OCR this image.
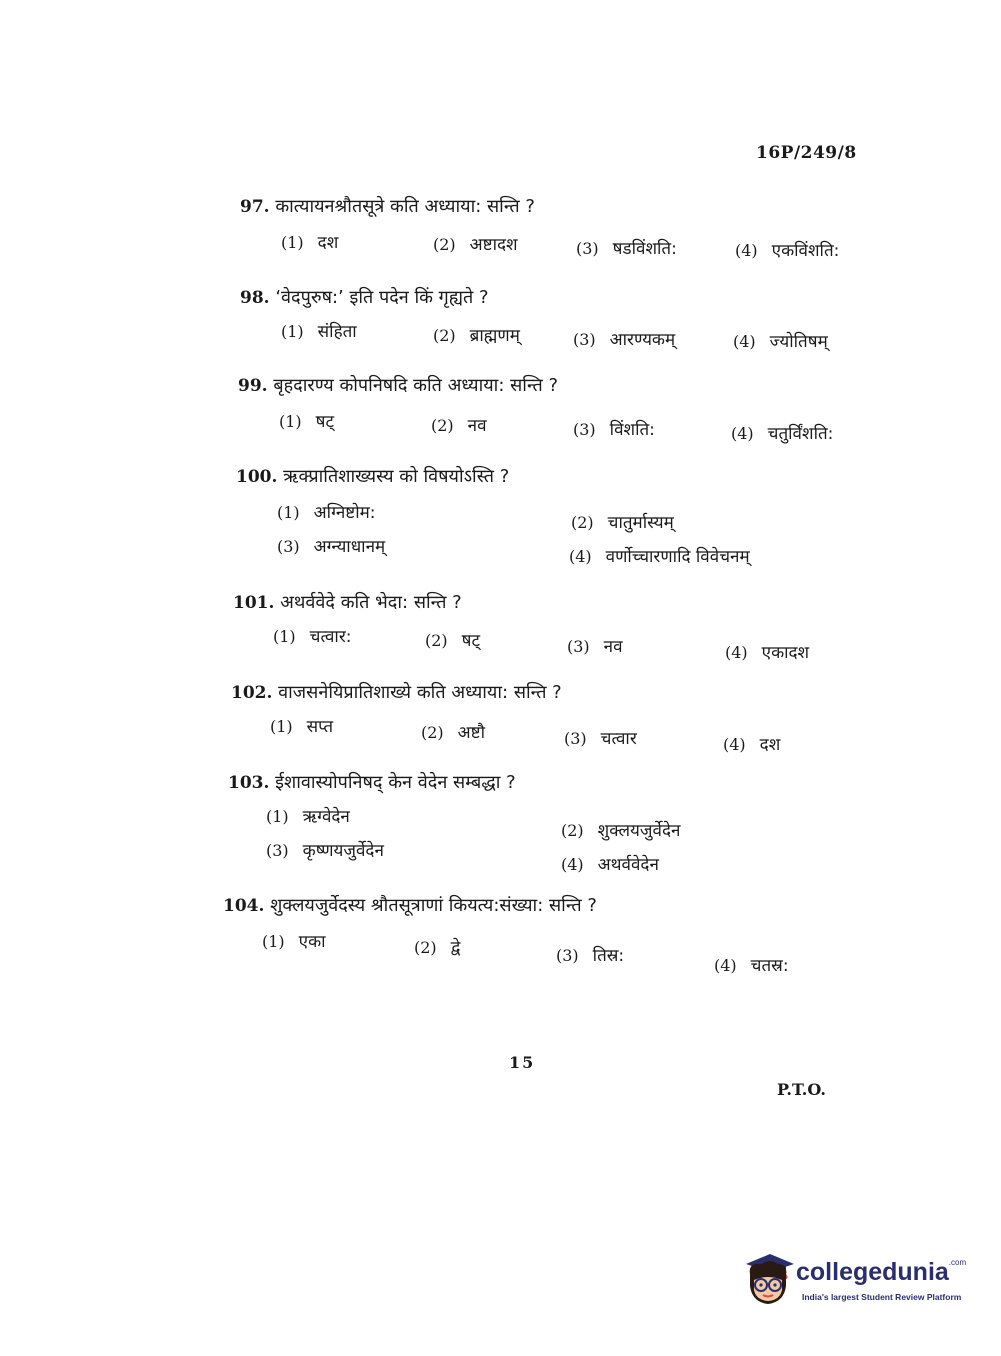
16P/249/8
97. कात्यायनश्रौतसूत्रे कति अध्याया: सन्ति ?
(1) दश	(2) अष्टादश	(3) षडविंशति:	(4) एकविंशति:
98. ‘वेदपुरुष:’ इति पदेन किं गृह्यते ?
(1) संहिता	(2) ब्राह्मणम्	(3) आरण्यकम्	(4) ज्योतिषम्
99. बृहदारण्य कोपनिषदि कति अध्याया: सन्ति ?
(1) षट्	(2) नव	(3) विंशति:	(4) चतुर्विंशति:
100. ऋक्प्रातिशाख्यस्य को विषयोऽस्ति ?
(1) अग्निष्टोम:	(2) चातुर्मास्यम्
(3) अग्न्याधानम्	(4) वर्णोच्चारणादि विवेचनम्
101. अथर्ववेदे कति भेदा: सन्ति ?
(1) चत्वार:	(2) षट्	(3) नव	(4) एकादश
102. वाजसनेयिप्रातिशाख्ये कति अध्याया: सन्ति ?
(1) सप्त	(2) अष्टौ	(3) चत्वार	(4) दश
103. ईशावास्योपनिषद् केन वेदेन सम्बद्धा ?
(1) ऋग्वेदेन
(2) शुक्लयजुर्वेदेन
(3) कृष्णयजुर्वेदेन
(4) अथर्ववेदेन
104. शुक्लयजुर्वेदस्य श्रौतसूत्राणां कियत्य:संख्या: सन्ति ?
(1) एका	(2) द्वे	(3) तिस्र:	(4) चतस्र:
15
P.T.O.
collegedunia$^{.com}$
India's largest Student Review Platform
